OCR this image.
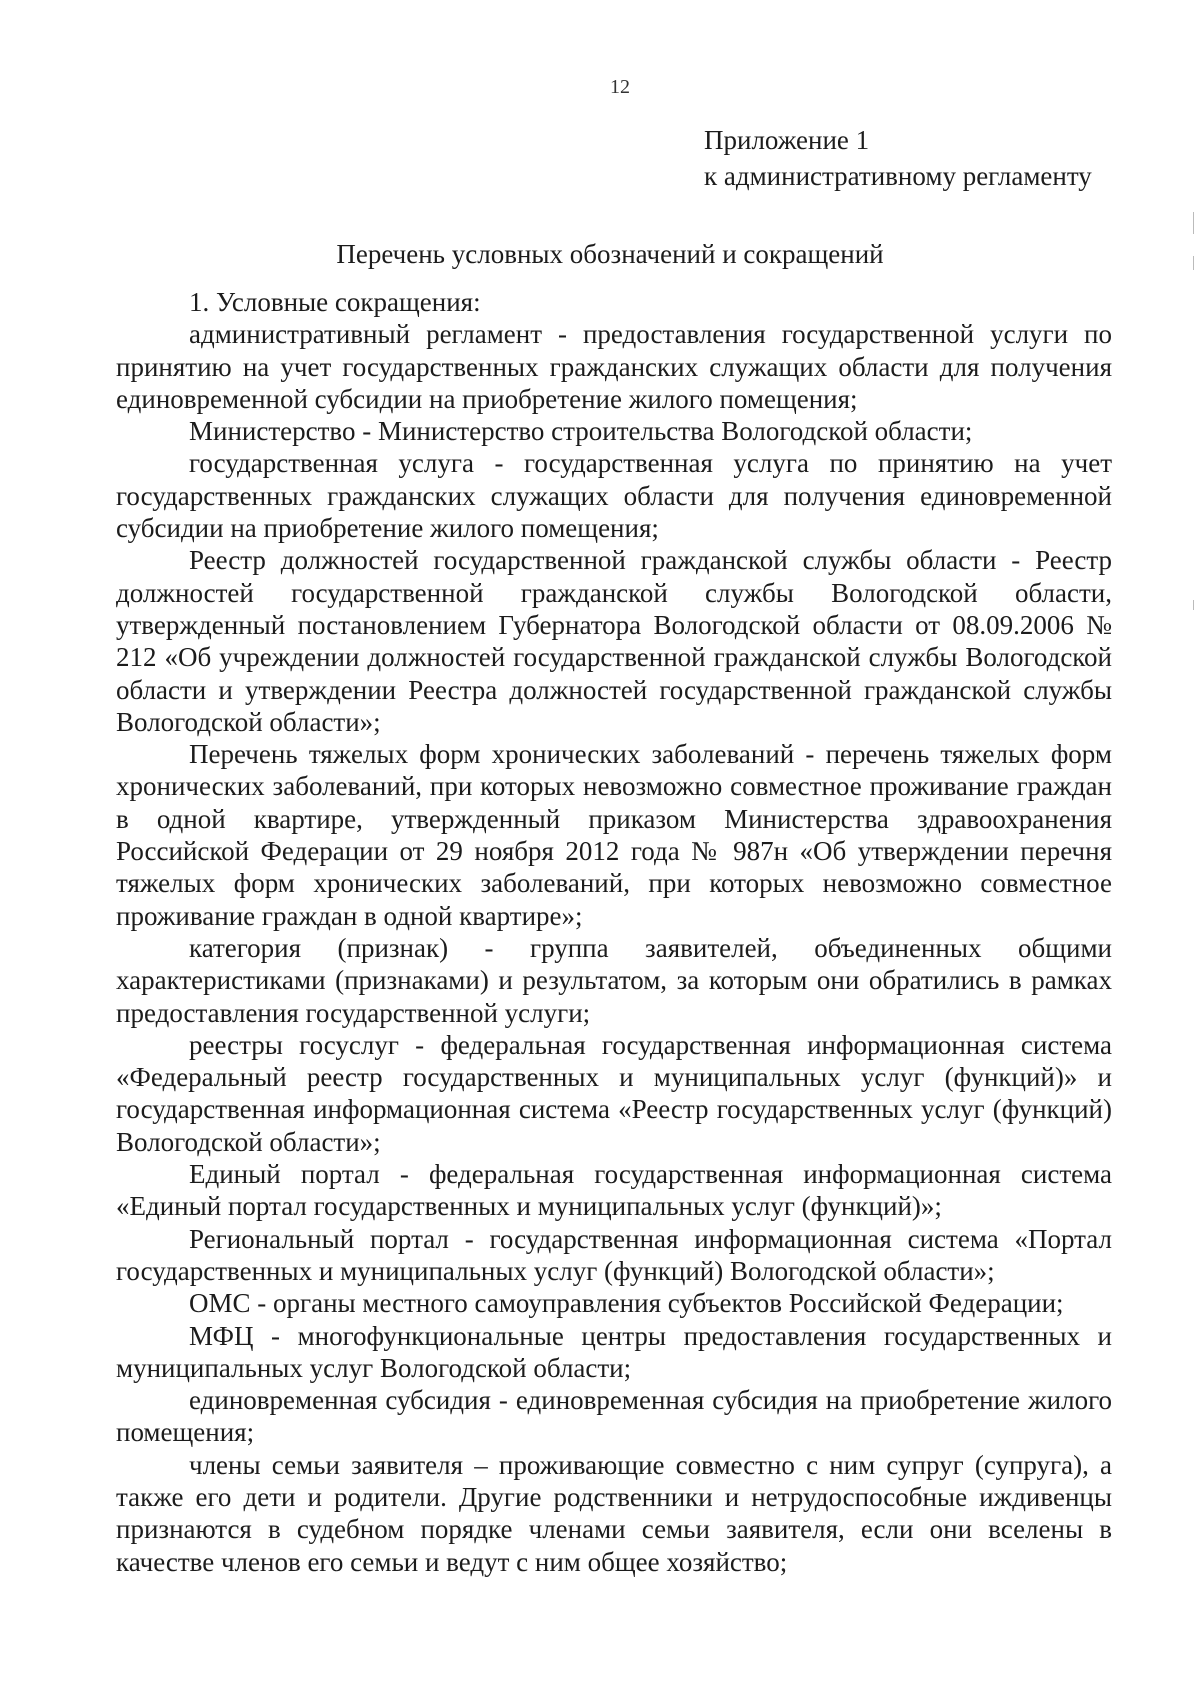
12
Приложение 1
к административному регламенту
Перечень условных обозначений и сокращений

1. Условные сокращения:

административный регламент - предоставления государственной услуги по принятию на учет государственных гражданских служащих области для получения единовременной субсидии на приобретение жилого помещения;

Министерство - Министерство строительства Вологодской области;

государственная услуга - государственная услуга по принятию на учет государственных гражданских служащих области для получения единовременной субсидии на приобретение жилого помещения;

Реестр должностей государственной гражданской службы области - Реестр должностей государственной гражданской службы Вологодской области, утвержденный постановлением Губернатора Вологодской области от 08.09.2006 № 212 «Об учреждении должностей государственной гражданской службы Вологодской области и утверждении Реестра должностей государственной гражданской службы Вологодской области»;

Перечень тяжелых форм хронических заболеваний - перечень тяжелых форм хронических заболеваний, при которых невозможно совместное проживание граждан в одной квартире, утвержденный приказом Министерства здравоохранения Российской Федерации от 29 ноября 2012 года № 987н «Об утверждении перечня тяжелых форм хронических заболеваний, при которых невозможно совместное проживание граждан в одной квартире»;

категория (признак) - группа заявителей, объединенных общими характеристиками (признаками) и результатом, за которым они обратились в рамках предоставления государственной услуги;

реестры госуслуг - федеральная государственная информационная система «Федеральный реестр государственных и муниципальных услуг (функций)» и государственная информационная система «Реестр государственных услуг (функций) Вологодской области»;

Единый портал - федеральная государственная информационная система «Единый портал государственных и муниципальных услуг (функций)»;

Региональный портал - государственная информационная система «Портал государственных и муниципальных услуг (функций) Вологодской области»;

ОМС - органы местного самоуправления субъектов Российской Федерации;

МФЦ - многофункциональные центры предоставления государственных и муниципальных услуг Вологодской области;

единовременная субсидия - единовременная субсидия на приобретение жилого помещения;

члены семьи заявителя – проживающие совместно с ним супруг (супруга), а также его дети и родители. Другие родственники и нетрудоспособные иждивенцы признаются в судебном порядке членами семьи заявителя, если они вселены в качестве членов его семьи и ведут с ним общее хозяйство;
